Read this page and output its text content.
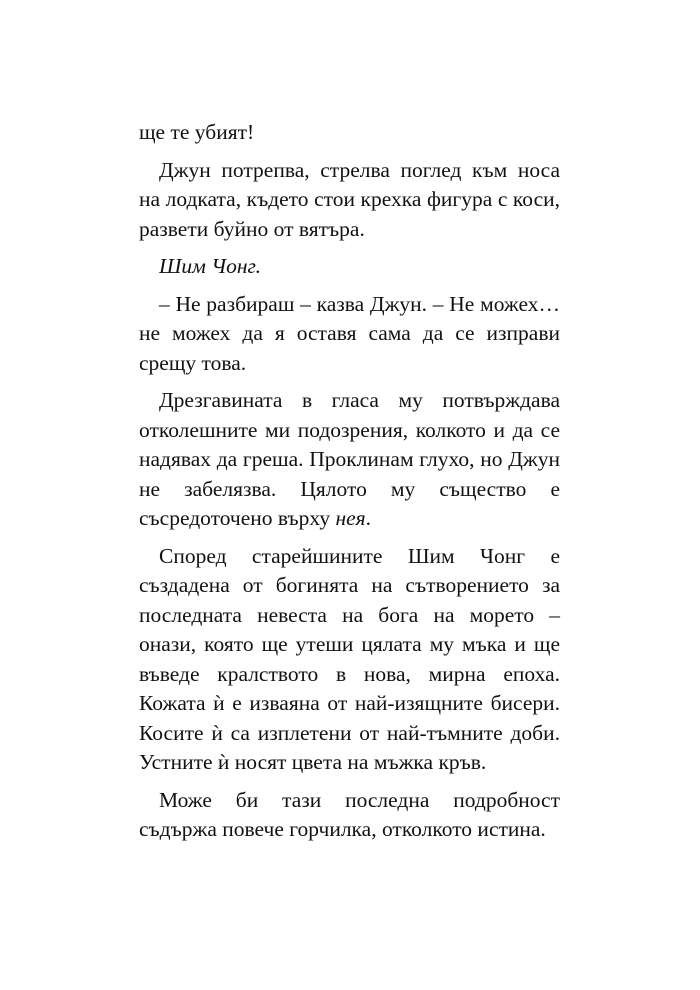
ще те убият!

Джун потрепва, стрелва поглед към носа на лодката, където стои крехка фигура с коси, развети буйно от вятъра.

Шим Чонг.

– Не разбираш – казва Джун. – Не можех… не можех да я оставя сама да се изправи срещу това.

Дрезгавината в гласа му потвърждава отколешните ми подозрения, колкото и да се надявах да греша. Проклинам глухо, но Джун не забелязва. Цялото му същество е съсредоточено върху нея.

Според старейшините Шим Чонг е създадена от богинята на сътворението за последната невеста на бога на морето – онази, която ще утеши цялата му мъка и ще въведе кралството в нова, мирна епоха. Кожата ѝ е изваяна от най-изящните бисери. Косите ѝ са изплетени от най-тъмните доби. Устните ѝ носят цвета на мъжка кръв.

Може би тази последна подробност съдържа повече горчилка, отколкото истина.
